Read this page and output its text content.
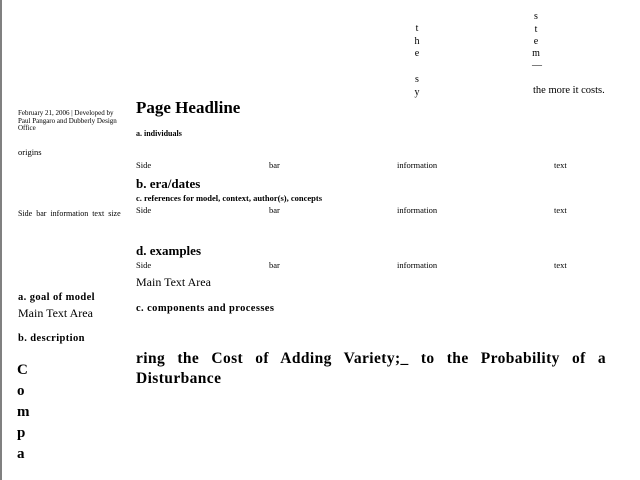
t
h
e
s
y
s
t
e
m
—
the more it costs.
February 21, 2006 | Developed by Paul Pangaro and Dubberly Design Office
origins
Side bar information text size
a. goal of model
Main Text Area
b. description
C
o
m
p
a
Page Headline
a. individuals
Side	bar	information	text
b. era/dates
c. references for model, context, author(s), concepts
Side	bar	information	text
d. examples
Side	bar	information	text
Main Text Area
c. components and processes
ring the Cost of Adding Variety;_ to the Probability of a Disturbance
